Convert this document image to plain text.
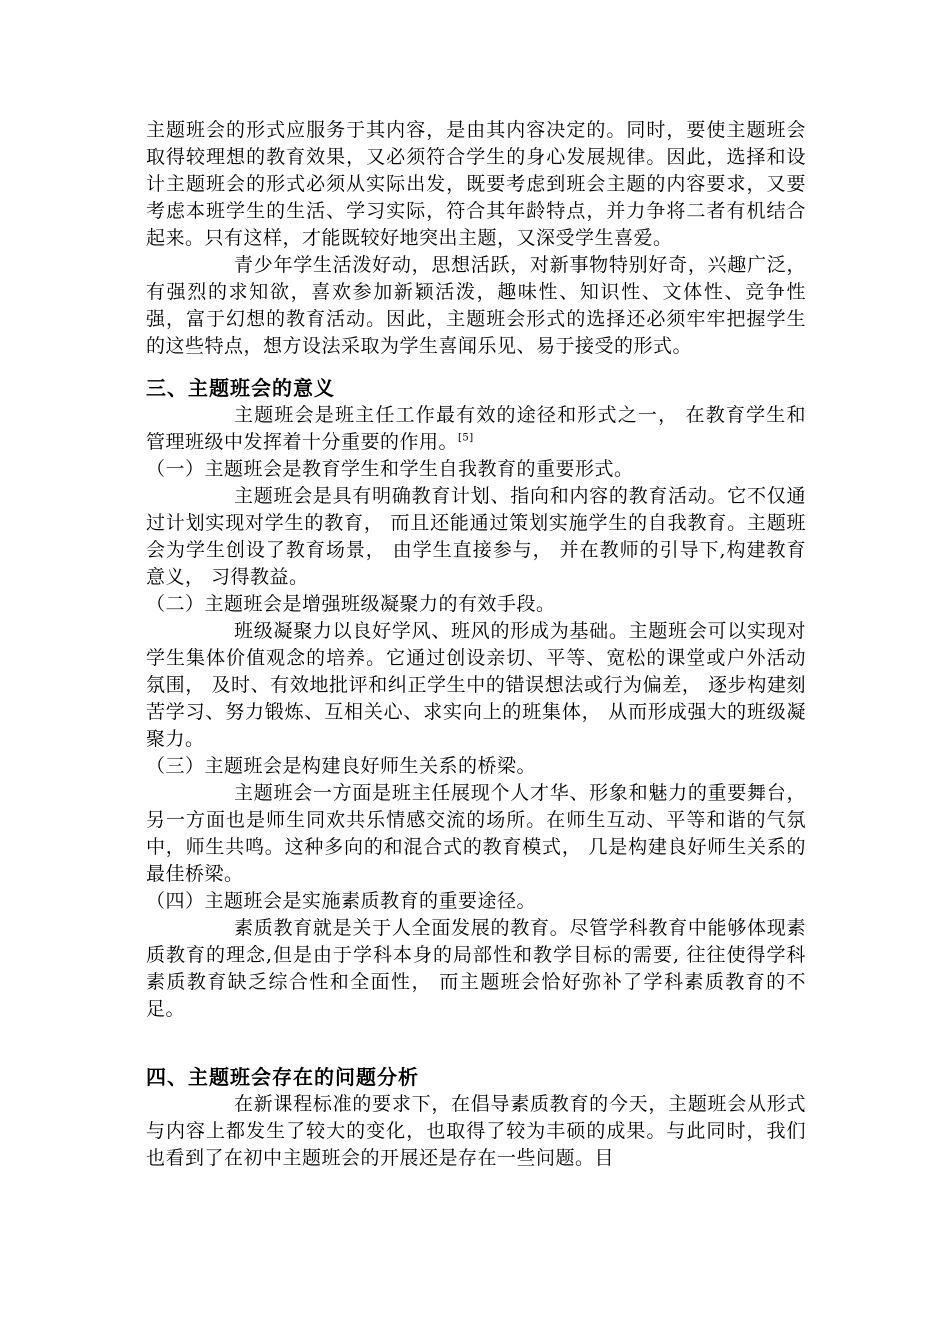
主题班会的形式应服务于其内容，是由其内容决定的。同时，要使主题班会取得较理想的教育效果，又必须符合学生的身心发展规律。因此，选择和设计主题班会的形式必须从实际出发，既要考虑到班会主题的内容要求，又要考虑本班学生的生活、学习实际，符合其年龄特点，并力争将二者有机结合起来。只有这样，才能既较好地突出主题，又深受学生喜爱。

青少年学生活泼好动，思想活跃，对新事物特别好奇，兴趣广泛，有强烈的求知欲，喜欢参加新颖活泼，趣味性、知识性、文体性、竞争性强，富于幻想的教育活动。因此，主题班会形式的选择还必须牢牢把握学生的这些特点，想方设法采取为学生喜闻乐见、易于接受的形式。

三、主题班会的意义

主题班会是班主任工作最有效的途径和形式之一， 在教育学生和管理班级中发挥着十分重要的作用。[5]

（一）主题班会是教育学生和学生自我教育的重要形式。

主题班会是具有明确教育计划、指向和内容的教育活动。它不仅通过计划实现对学生的教育， 而且还能通过策划实施学生的自我教育。主题班会为学生创设了教育场景， 由学生直接参与， 并在教师的引导下,构建教育意义， 习得教益。

（二）主题班会是增强班级凝聚力的有效手段。

班级凝聚力以良好学风、班风的形成为基础。主题班会可以实现对学生集体价值观念的培养。它通过创设亲切、平等、宽松的课堂或户外活动氛围， 及时、有效地批评和纠正学生中的错误想法或行为偏差， 逐步构建刻苦学习、努力锻炼、互相关心、求实向上的班集体， 从而形成强大的班级凝聚力。

（三）主题班会是构建良好师生关系的桥梁。

主题班会一方面是班主任展现个人才华、形象和魅力的重要舞台， 另一方面也是师生同欢共乐情感交流的场所。在师生互动、平等和谐的气氛中，师生共鸣。这种多向的和混合式的教育模式， 几是构建良好师生关系的最佳桥梁。

（四）主题班会是实施素质教育的重要途径。

素质教育就是关于人全面发展的教育。尽管学科教育中能够体现素质教育的理念,但是由于学科本身的局部性和教学目标的需要, 往往使得学科素质教育缺乏综合性和全面性， 而主题班会恰好弥补了学科素质教育的不足。

四、主题班会存在的问题分析

在新课程标准的要求下，在倡导素质教育的今天，主题班会从形式与内容上都发生了较大的变化，也取得了较为丰硕的成果。与此同时，我们也看到了在初中主题班会的开展还是存在一些问题。目
